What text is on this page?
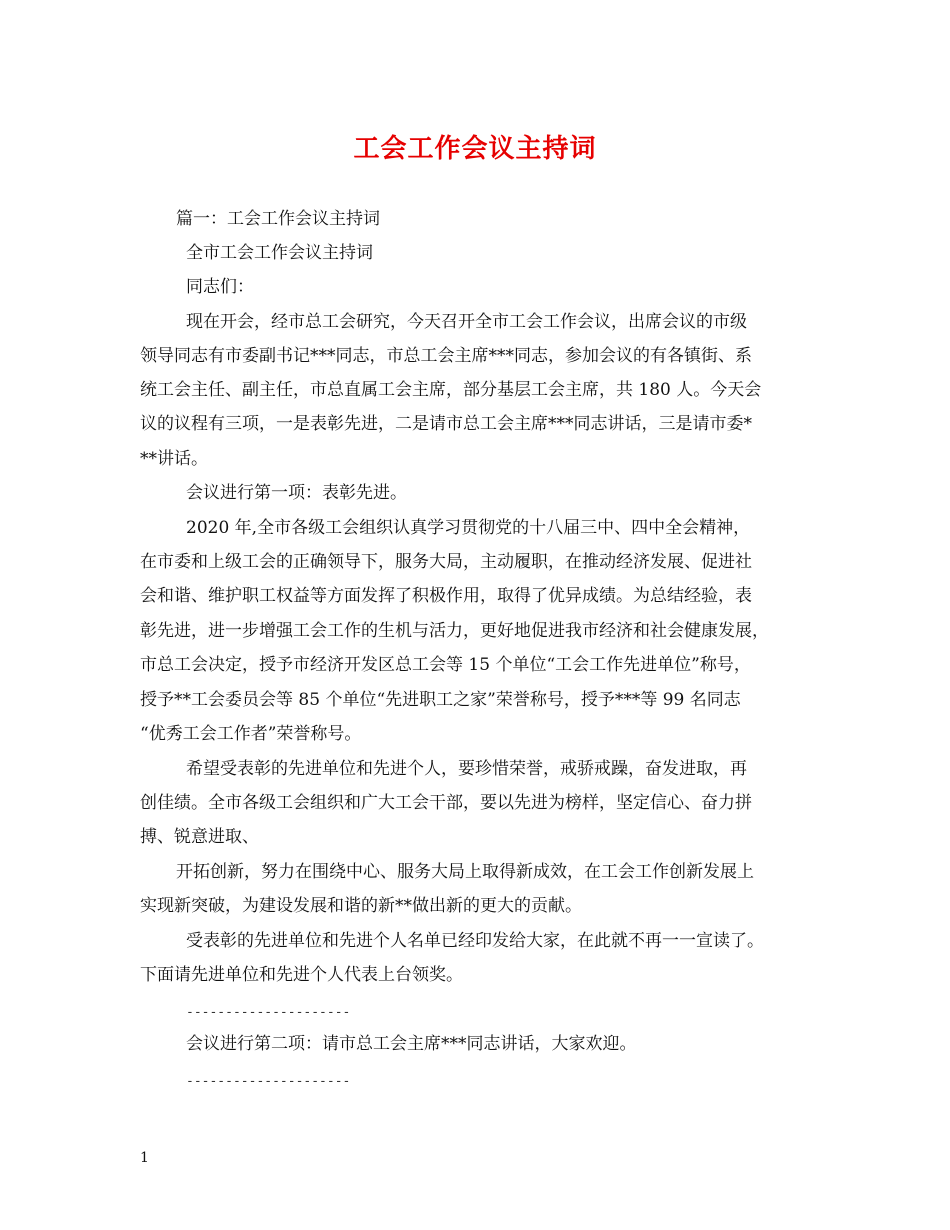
工会工作会议主持词
篇一：工会工作会议主持词
全市工会工作会议主持词
同志们：
现在开会，经市总工会研究，今天召开全市工会工作会议，出席会议的市级
领导同志有市委副书记***同志，市总工会主席***同志，参加会议的有各镇街、系
统工会主任、副主任，市总直属工会主席，部分基层工会主席，共 180 人。今天会
议的议程有三项，一是表彰先进，二是请市总工会主席***同志讲话，三是请市委*
**讲话。
会议进行第一项：表彰先进。
2020 年,全市各级工会组织认真学习贯彻党的十八届三中、四中全会精神，
在市委和上级工会的正确领导下，服务大局，主动履职，在推动经济发展、促进社
会和谐、维护职工权益等方面发挥了积极作用，取得了优异成绩。为总结经验，表
彰先进，进一步增强工会工作的生机与活力，更好地促进我市经济和社会健康发展，
市总工会决定，授予市经济开发区总工会等 15 个单位“工会工作先进单位”称号，
授予**工会委员会等 85 个单位“先进职工之家”荣誉称号，授予***等 99 名同志
“优秀工会工作者”荣誉称号。
希望受表彰的先进单位和先进个人，要珍惜荣誉，戒骄戒躁，奋发进取，再
创佳绩。全市各级工会组织和广大工会干部，要以先进为榜样，坚定信心、奋力拼
搏、锐意进取、
开拓创新，努力在围绕中心、服务大局上取得新成效，在工会工作创新发展上
实现新突破，为建设发展和谐的新**做出新的更大的贡献。
受表彰的先进单位和先进个人名单已经印发给大家，在此就不再一一宣读了。
下面请先进单位和先进个人代表上台领奖。
---------------------
会议进行第二项：请市总工会主席***同志讲话，大家欢迎。
---------------------
1
